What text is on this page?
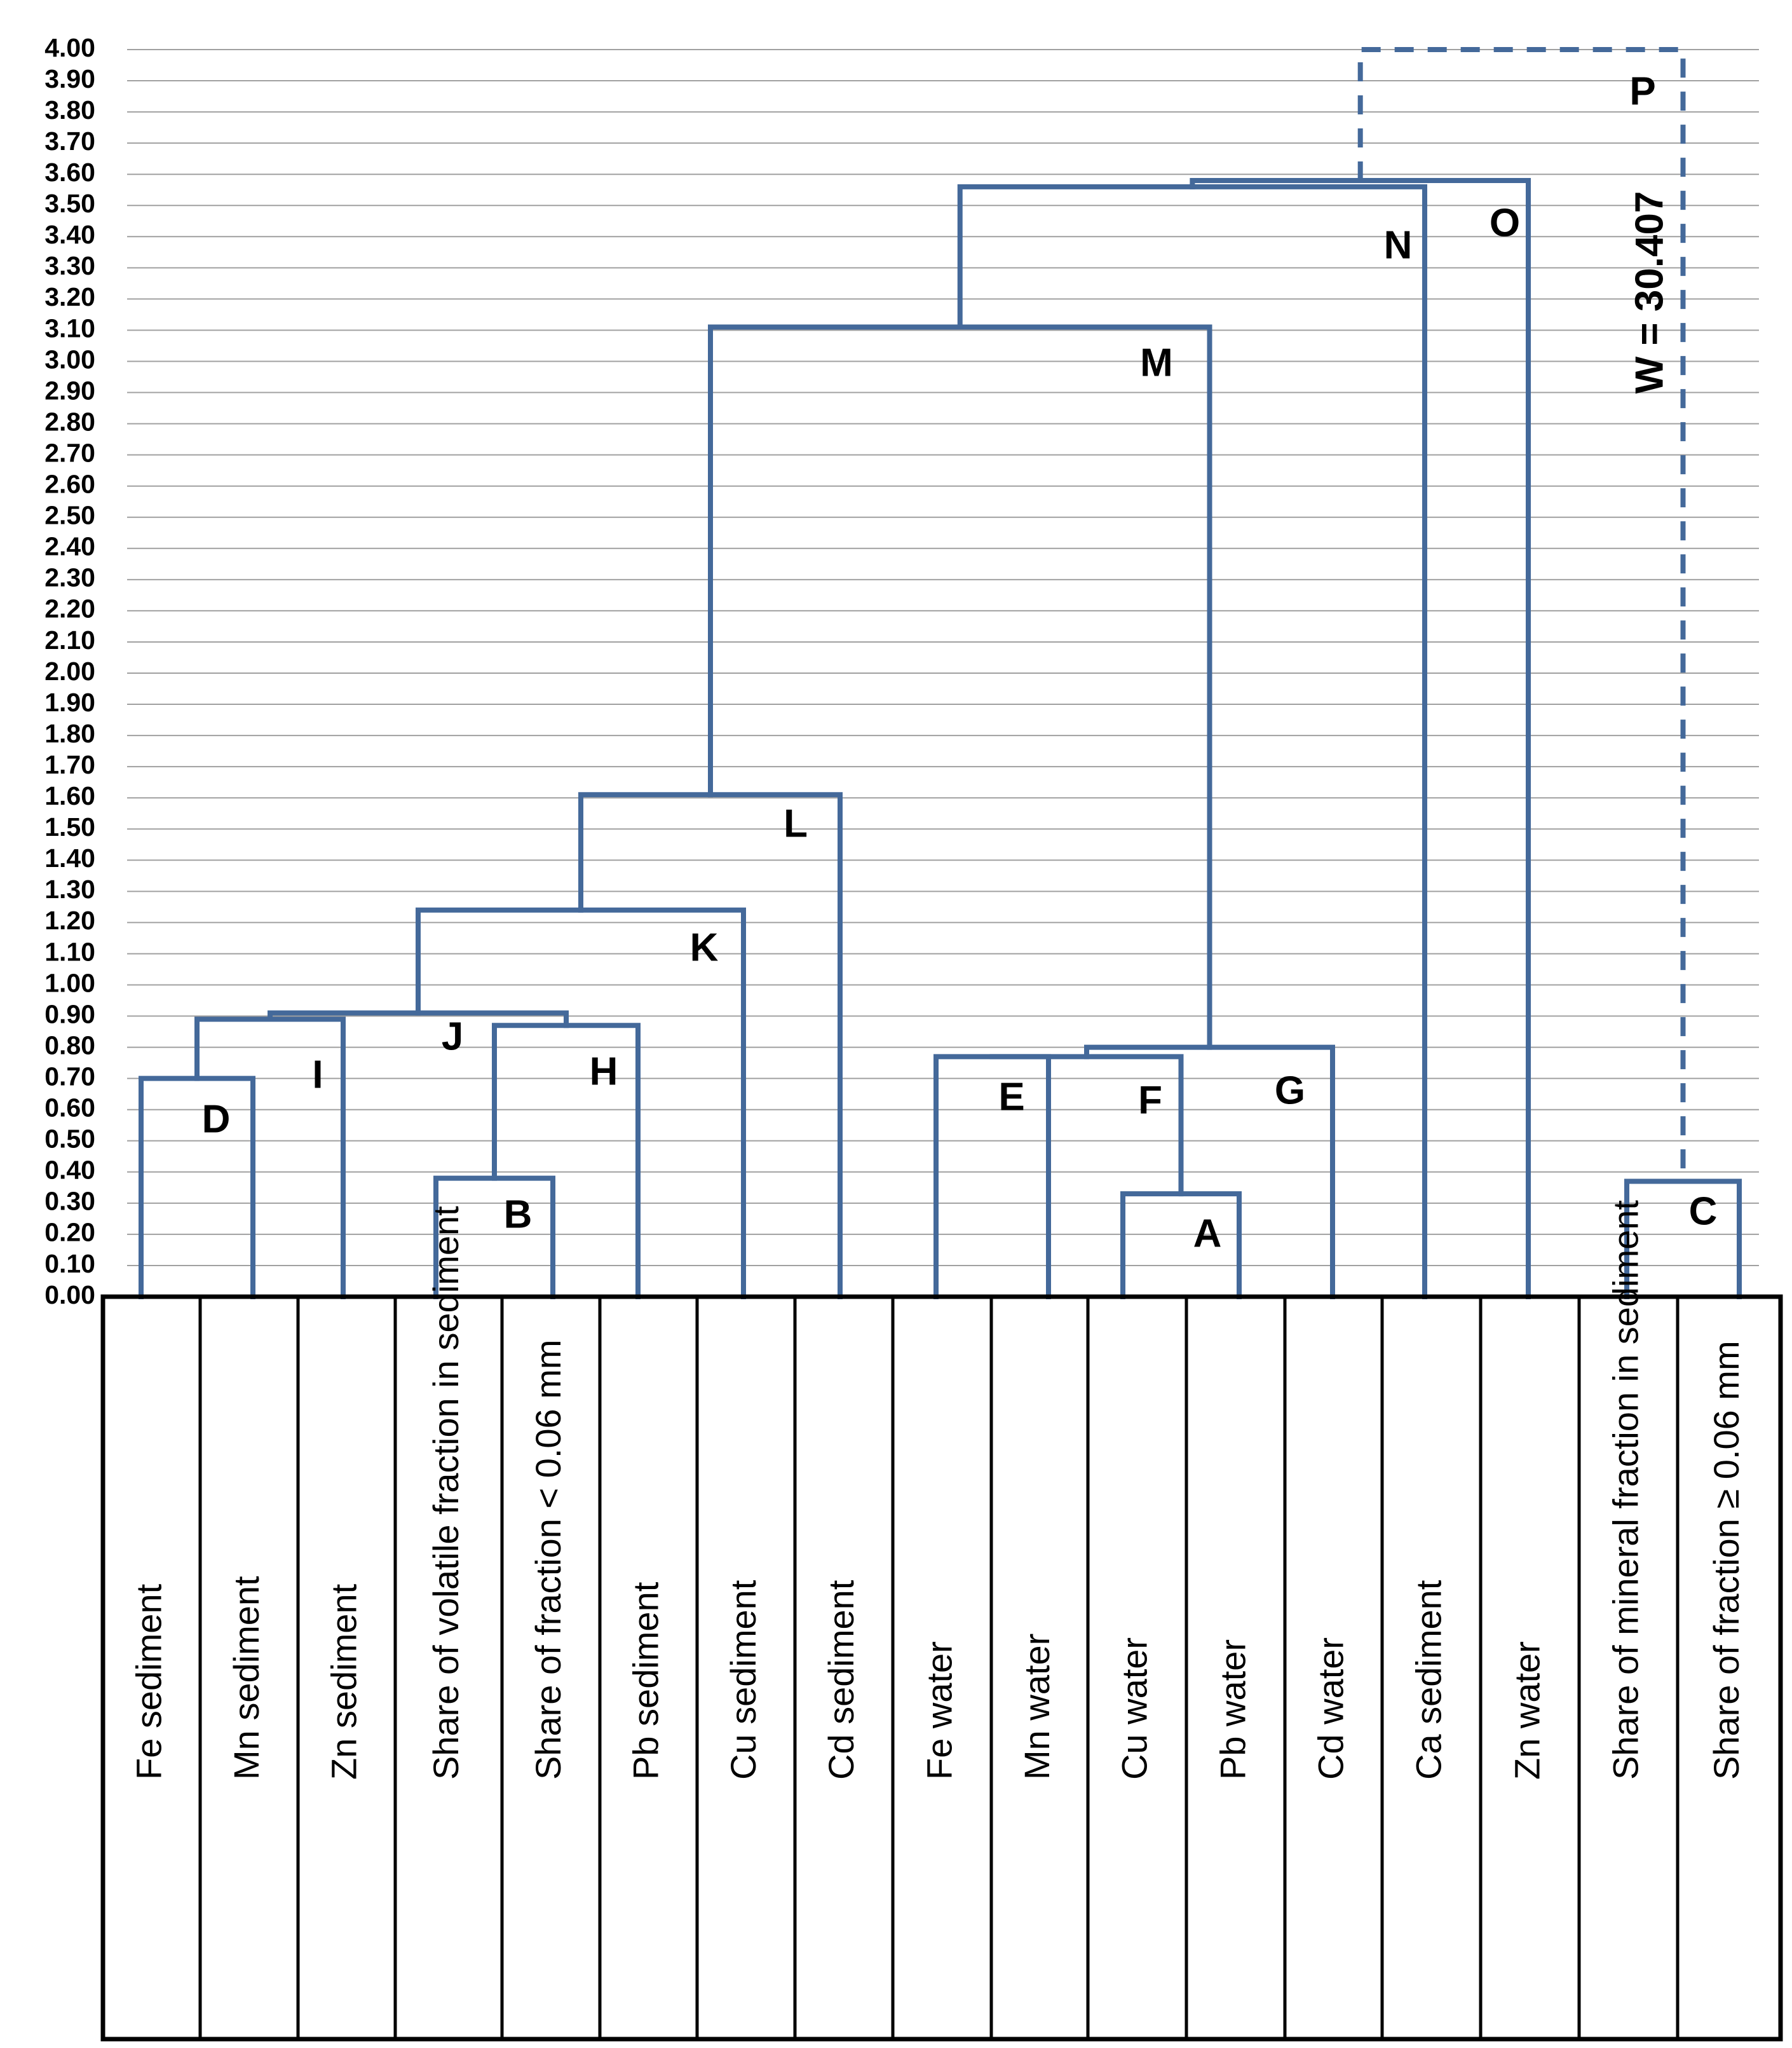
0.00
0.10
0.20
0.30
0.40
0.50
0.60
0.70
0.80
0.90
1.00
1.10
1.20
1.30
1.40
1.50
1.60
1.70
1.80
1.90
2.00
2.10
2.20
2.30
2.40
2.50
2.60
2.70
2.80
2.90
3.00
3.10
3.20
3.30
3.40
3.50
3.60
3.70
3.80
3.90
4.00
A
B	C
D
E	F	G
H
I
J
K
L
M
N
O
P
W = 30.407
Fe sediment Mn sediment Zn sediment Share of volatile fraction in sediment Share of fraction < 0.06 mm Pb sediment Cu sediment Cd sediment Fe water Mn water Cu water Pb water Cd water Ca sediment Zn water Share of mineral fraction in sediment Share of fraction ≥ 0.06 mm
